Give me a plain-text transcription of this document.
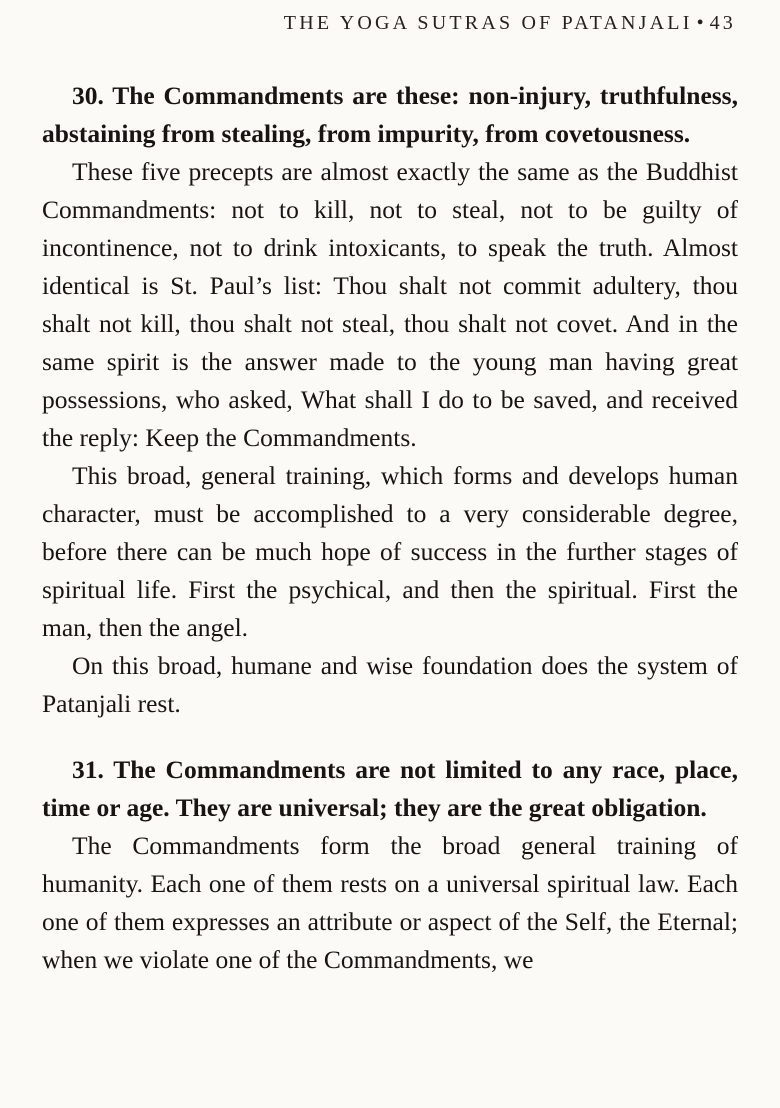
THE YOGA SUTRAS OF PATANJALI • 43

30. The Commandments are these: non-injury, truthfulness, abstaining from stealing, from impurity, from covetousness.

These five precepts are almost exactly the same as the Buddhist Commandments: not to kill, not to steal, not to be guilty of incontinence, not to drink intoxicants, to speak the truth. Almost identical is St. Paul’s list: Thou shalt not commit adultery, thou shalt not kill, thou shalt not steal, thou shalt not covet. And in the same spirit is the answer made to the young man having great possessions, who asked, What shall I do to be saved, and received the reply: Keep the Commandments.

This broad, general training, which forms and develops human character, must be accomplished to a very considerable degree, before there can be much hope of success in the further stages of spiritual life. First the psychical, and then the spiritual. First the man, then the angel.

On this broad, humane and wise foundation does the system of Patanjali rest.

31. The Commandments are not limited to any race, place, time or age. They are universal; they are the great obligation.

The Commandments form the broad general training of humanity. Each one of them rests on a universal spiritual law. Each one of them expresses an attribute or aspect of the Self, the Eternal; when we violate one of the Commandments, we
